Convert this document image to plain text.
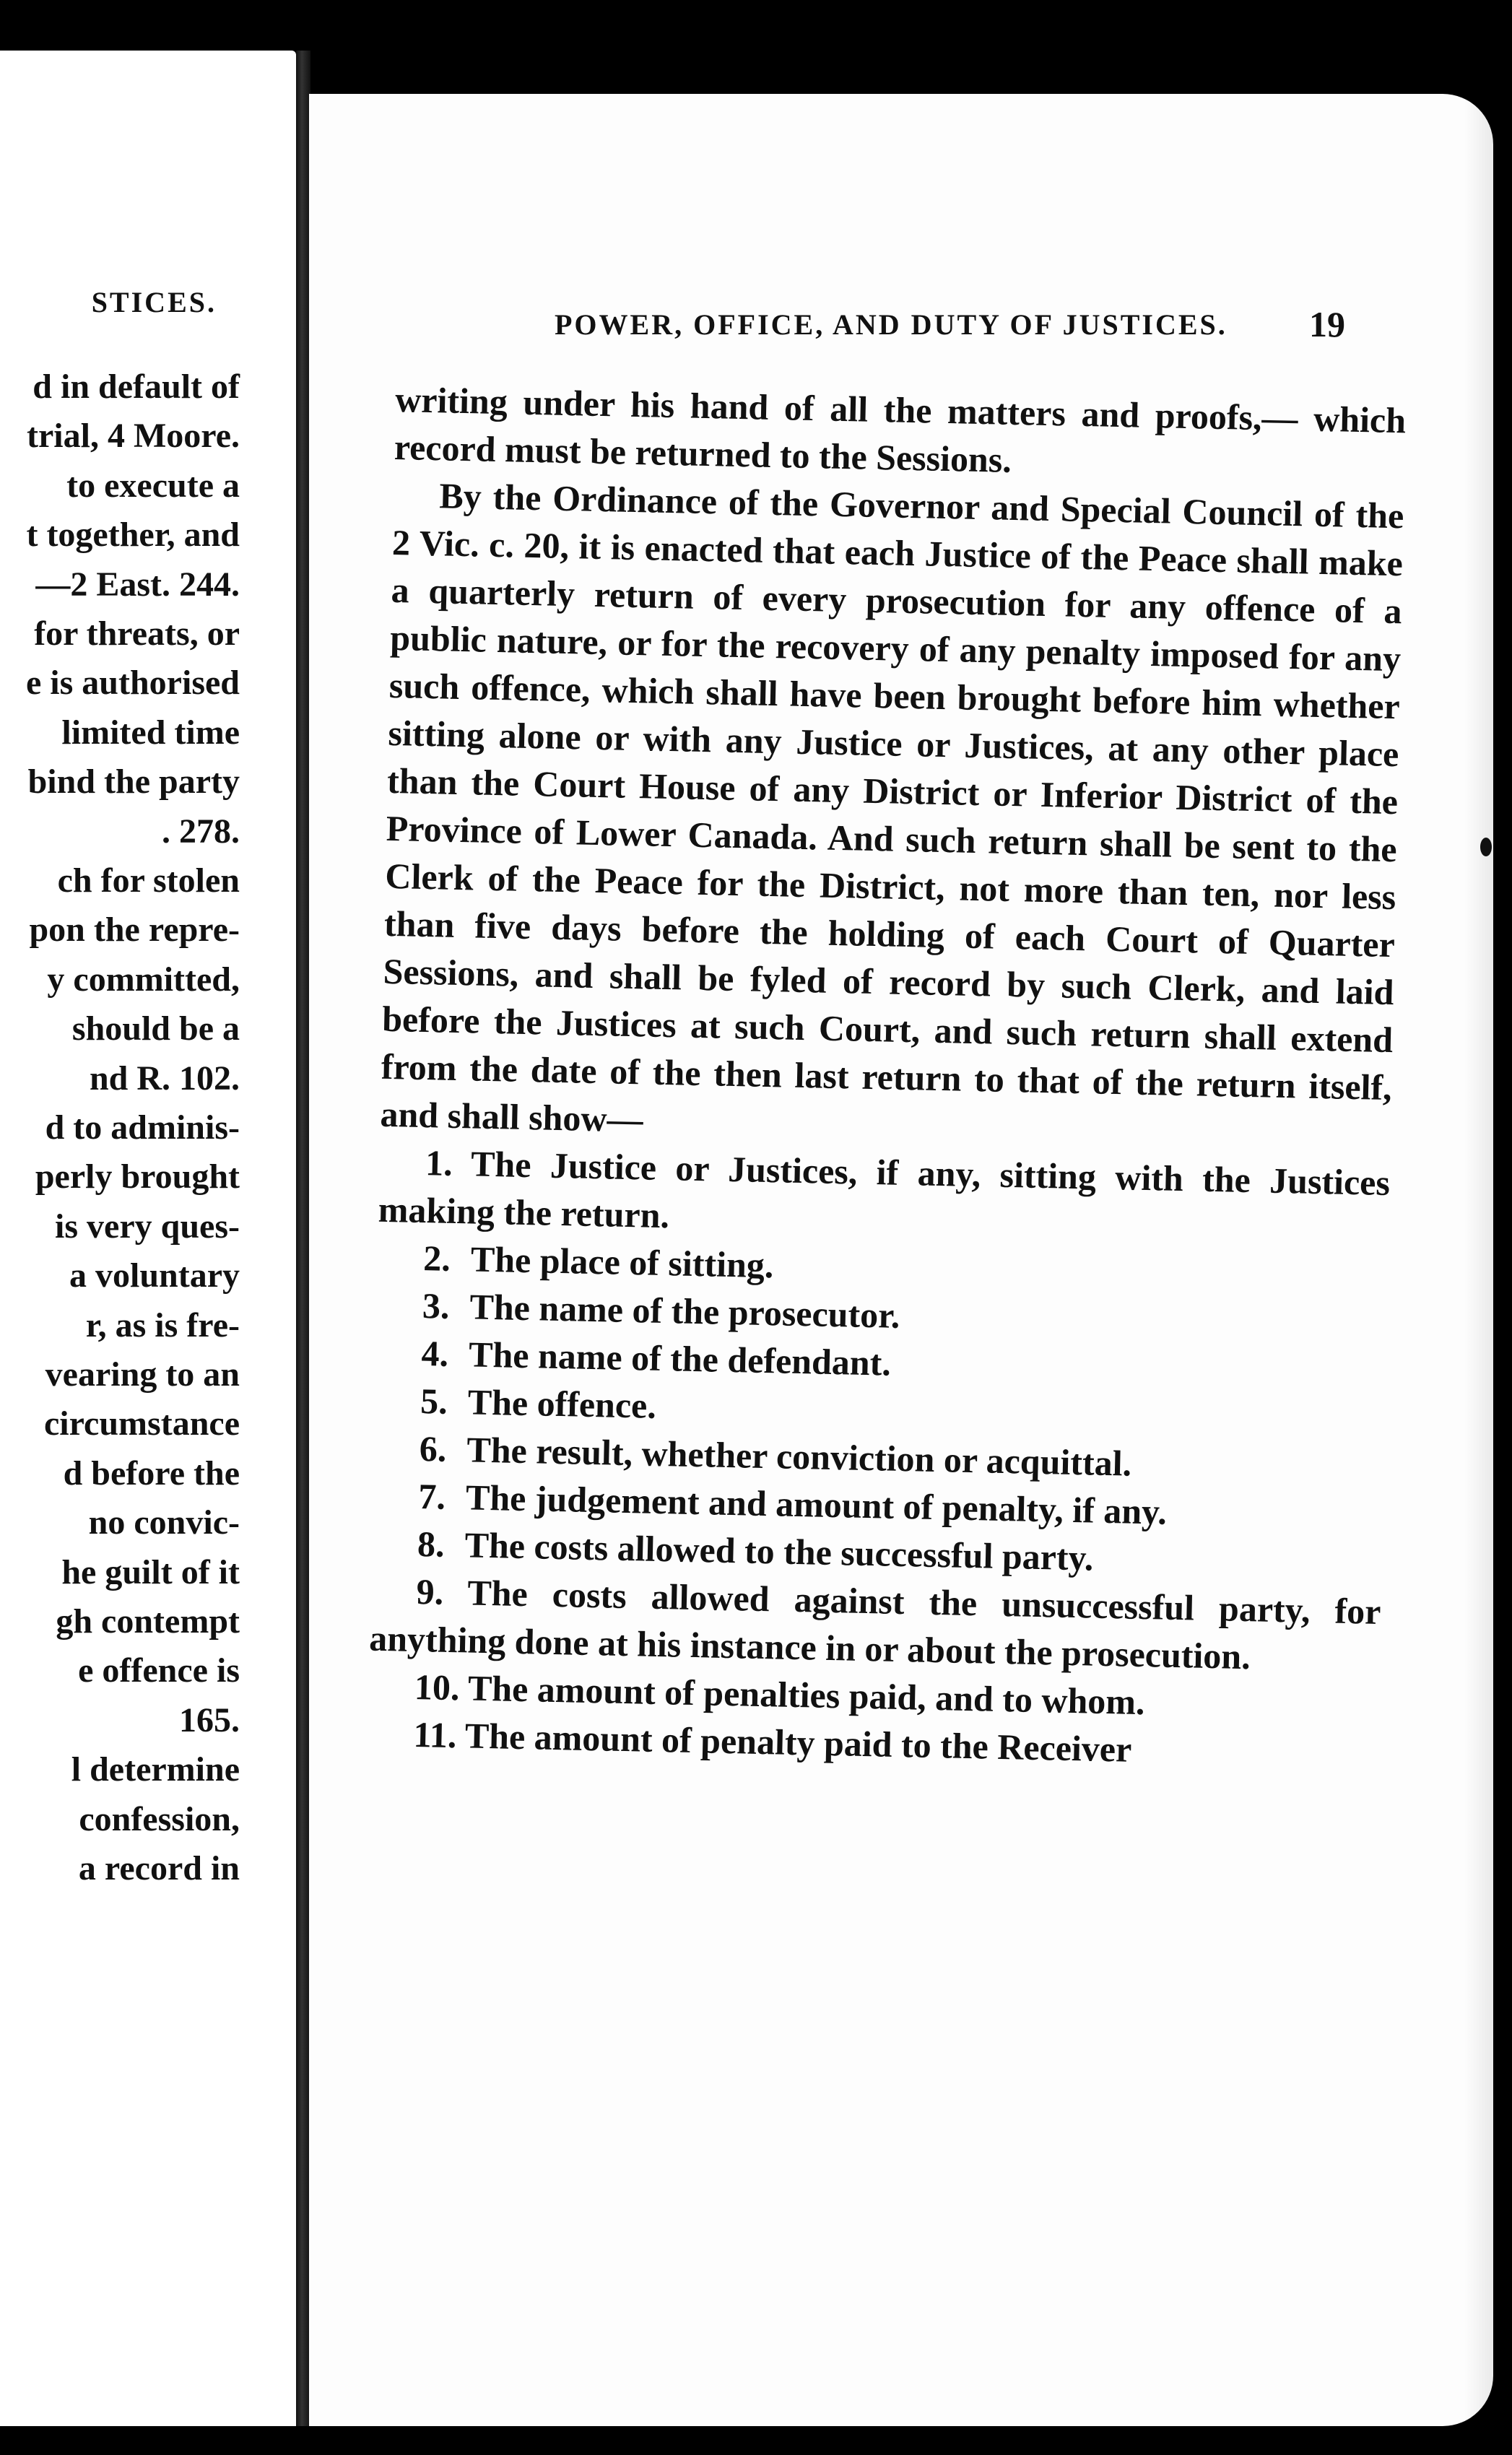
STICES.
d in default of
trial, 4 Moore.
to execute a
t together, and
—2 East. 244.
for threats, or
e is authorised
limited time
bind the party
. 278.
ch for stolen
pon the repre-
y committed,
should be a
nd R. 102.
d to adminis-
perly brought
is very ques-
a voluntary
r, as is fre-
vearing to an
circumstance
d before the
no convic-
he guilt of it
gh contempt
e offence is
165.
l determine
confession,
a record in
POWER, OFFICE, AND DUTY OF JUSTICES. 19

writing under his hand of all the matters and proofs,— which record must be returned to the Sessions.

By the Ordinance of the Governor and Special Council of the 2 Vic. c. 20, it is enacted that each Justice of the Peace shall make a quarterly return of every prosecution for any offence of a public nature, or for the recovery of any penalty imposed for any such offence, which shall have been brought before him whether sitting alone or with any Justice or Justices, at any other place than the Court House of any District or Inferior District of the Province of Lower Canada. And such return shall be sent to the Clerk of the Peace for the District, not more than ten, nor less than five days before the holding of each Court of Quarter Sessions, and shall be fyled of record by such Clerk, and laid before the Justices at such Court, and such return shall extend from the date of the then last return to that of the return itself, and shall show—

1. The Justice or Justices, if any, sitting with the Justices making the return.

2. The place of sitting.

3. The name of the prosecutor.

4. The name of the defendant.

5. The offence.

6. The result, whether conviction or acquittal.

7. The judgement and amount of penalty, if any.

8. The costs allowed to the successful party.

9. The costs allowed against the unsuccessful party, for anything done at his instance in or about the prosecution.

10. The amount of penalties paid, and to whom.

11. The amount of penalty paid to the Receiver
